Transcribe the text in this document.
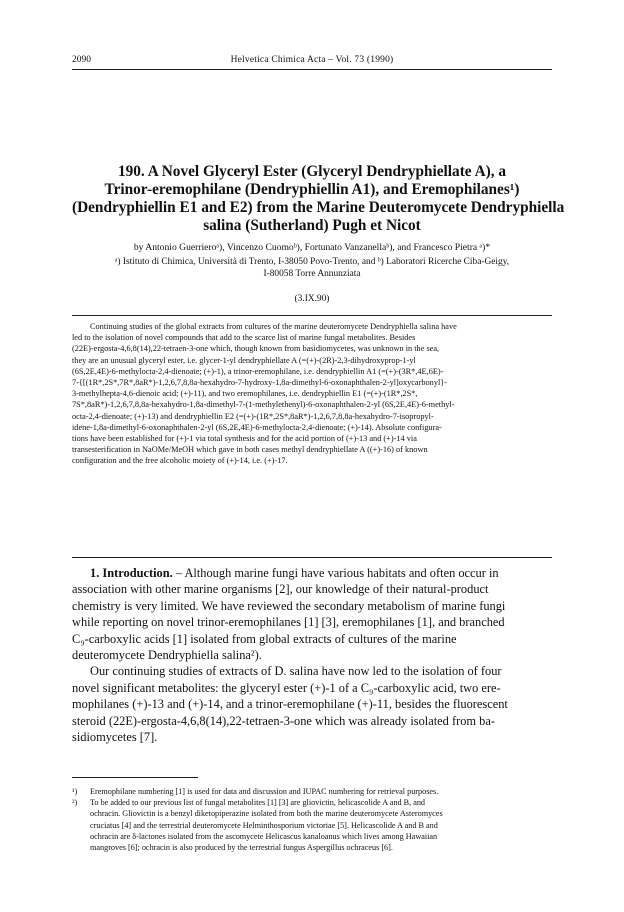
2090	Helvetica Chimica Acta – Vol. 73 (1990)
190. A Novel Glyceryl Ester (Glyceryl Dendryphiellate A), a
Trinor-eremophilane (Dendryphiellin A1), and Eremophilanes¹)
(Dendryphiellin E1 and E2) from the Marine Deuteromycete Dendryphiella
salina (Sutherland) Pugh et Nicot
by Antonio Guerrieroᵃ), Vincenzo Cuomoᵇ), Fortunato Vanzanellaᵇ), and Francesco Pietra ᵃ)*
ᵃ) Istituto di Chimica, Università di Trento, I-38050 Povo-Trento, and ᵇ) Laboratori Ricerche Ciba-Geigy,
I-80058 Torre Annunziata
(3.IX.90)
Continuing studies of the global extracts from cultures of the marine deuteromycete Dendryphiella salina have
led to the isolation of novel compounds that add to the scarce list of marine fungal metabolites. Besides
(22E)-ergosta-4,6,8(14),22-tetraen-3-one which, though known from basidiomycetes, was unknown in the sea,
they are an unusual glyceryl ester, i.e. glycer-1-yl dendryphiellate A (=(+)-(2R)-2,3-dihydroxyprop-1-yl
(6S,2E,4E)-6-methylocta-2,4-dienoate; (+)-1), a trinor-eremophilane, i.e. dendryphiellin A1 (=(+)-(3R*,4E,6E)-
7-{[(1R*,2S*,7R*,8aR*)-1,2,6,7,8,8a-hexahydro-7-hydroxy-1,8a-dimethyl-6-oxonaphthalen-2-yl]oxycarbonyl}-
3-methylhepta-4,6-dienoic acid; (+)-11), and two eremophilanes, i.e. dendryphiellin E1 (=(+)-(1R*,2S*,
7S*,8aR*)-1,2,6,7,8,8a-hexahydro-1,8a-dimethyl-7-(1-methylethenyl)-6-oxonaphthalen-2-yl (6S,2E,4E)-6-methyl-
octa-2,4-dienoate; (+)-13) and dendryphiellin E2 (=(+)-(1R*,2S*,8aR*)-1,2,6,7,8,8a-hexahydro-7-isopropyl-
idene-1,8a-dimethyl-6-oxonaphthalen-2-yl (6S,2E,4E)-6-methylocta-2,4-dienoate; (+)-14). Absolute configura-
tions have been established for (+)-1 via total synthesis and for the acid portion of (+)-13 and (+)-14 via
transesterification in NaOMe/MeOH which gave in both cases methyl dendryphiellate A ((+)-16) of known
configuration and the free alcoholic moiety of (+)-14, i.e. (+)-17.
1. Introduction. – Although marine fungi have various habitats and often occur in
association with other marine organisms [2], our knowledge of their natural-product
chemistry is very limited. We have reviewed the secondary metabolism of marine fungi
while reporting on novel trinor-eremophilanes [1] [3], eremophilanes [1], and branched
C₉-carboxylic acids [1] isolated from global extracts of cultures of the marine
deuteromycete Dendryphiella salina²).
Our continuing studies of extracts of D. salina have now led to the isolation of four
novel significant metabolites: the glyceryl ester (+)-1 of a C₉-carboxylic acid, two ere-
mophilanes (+)-13 and (+)-14, and a trinor-eremophilane (+)-11, besides the fluorescent
steroid (22E)-ergosta-4,6,8(14),22-tetraen-3-one which was already isolated from ba-
sidiomycetes [7].
¹) Eremophilane numbering [1] is used for data and discussion and IUPAC numbering for retrieval purposes.
²) To be added to our previous list of fungal metabolites [1] [3] are gliovictin, helicascolide A and B, and
ochracin. Gliovictin is a benzyl diketopiperazine isolated from both the marine deuteromycete Asteromyces
cruciatus [4] and the terrestrial deuteromycete Helminthosporium victoriae [5]. Helicascolide A and B and
ochracin are δ-lactones isolated from the ascomycete Helicascus kanaloanus which lives among Hawaiian
mangroves [6]; ochracin is also produced by the terrestrial fungus Aspergillus ochraceus [6].
